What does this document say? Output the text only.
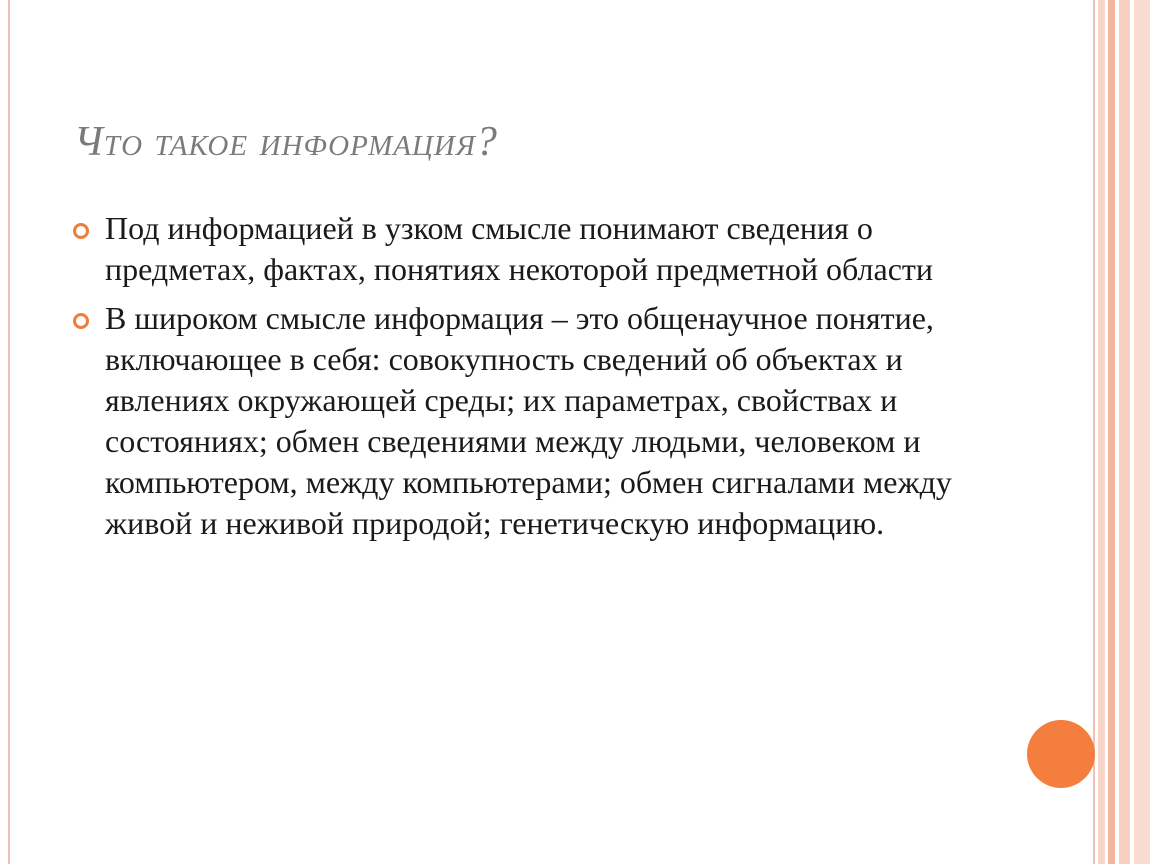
Что такое информация?
Под информацией в узком смысле понимают сведения о предметах, фактах, понятиях некоторой предметной области
В широком смысле информация – это общенаучное понятие, включающее в себя: совокупность сведений об объектах и явлениях окружающей среды; их параметрах, свойствах и состояниях; обмен сведениями между людьми, человеком и компьютером, между компьютерами; обмен сигналами между живой и неживой природой; генетическую информацию.
